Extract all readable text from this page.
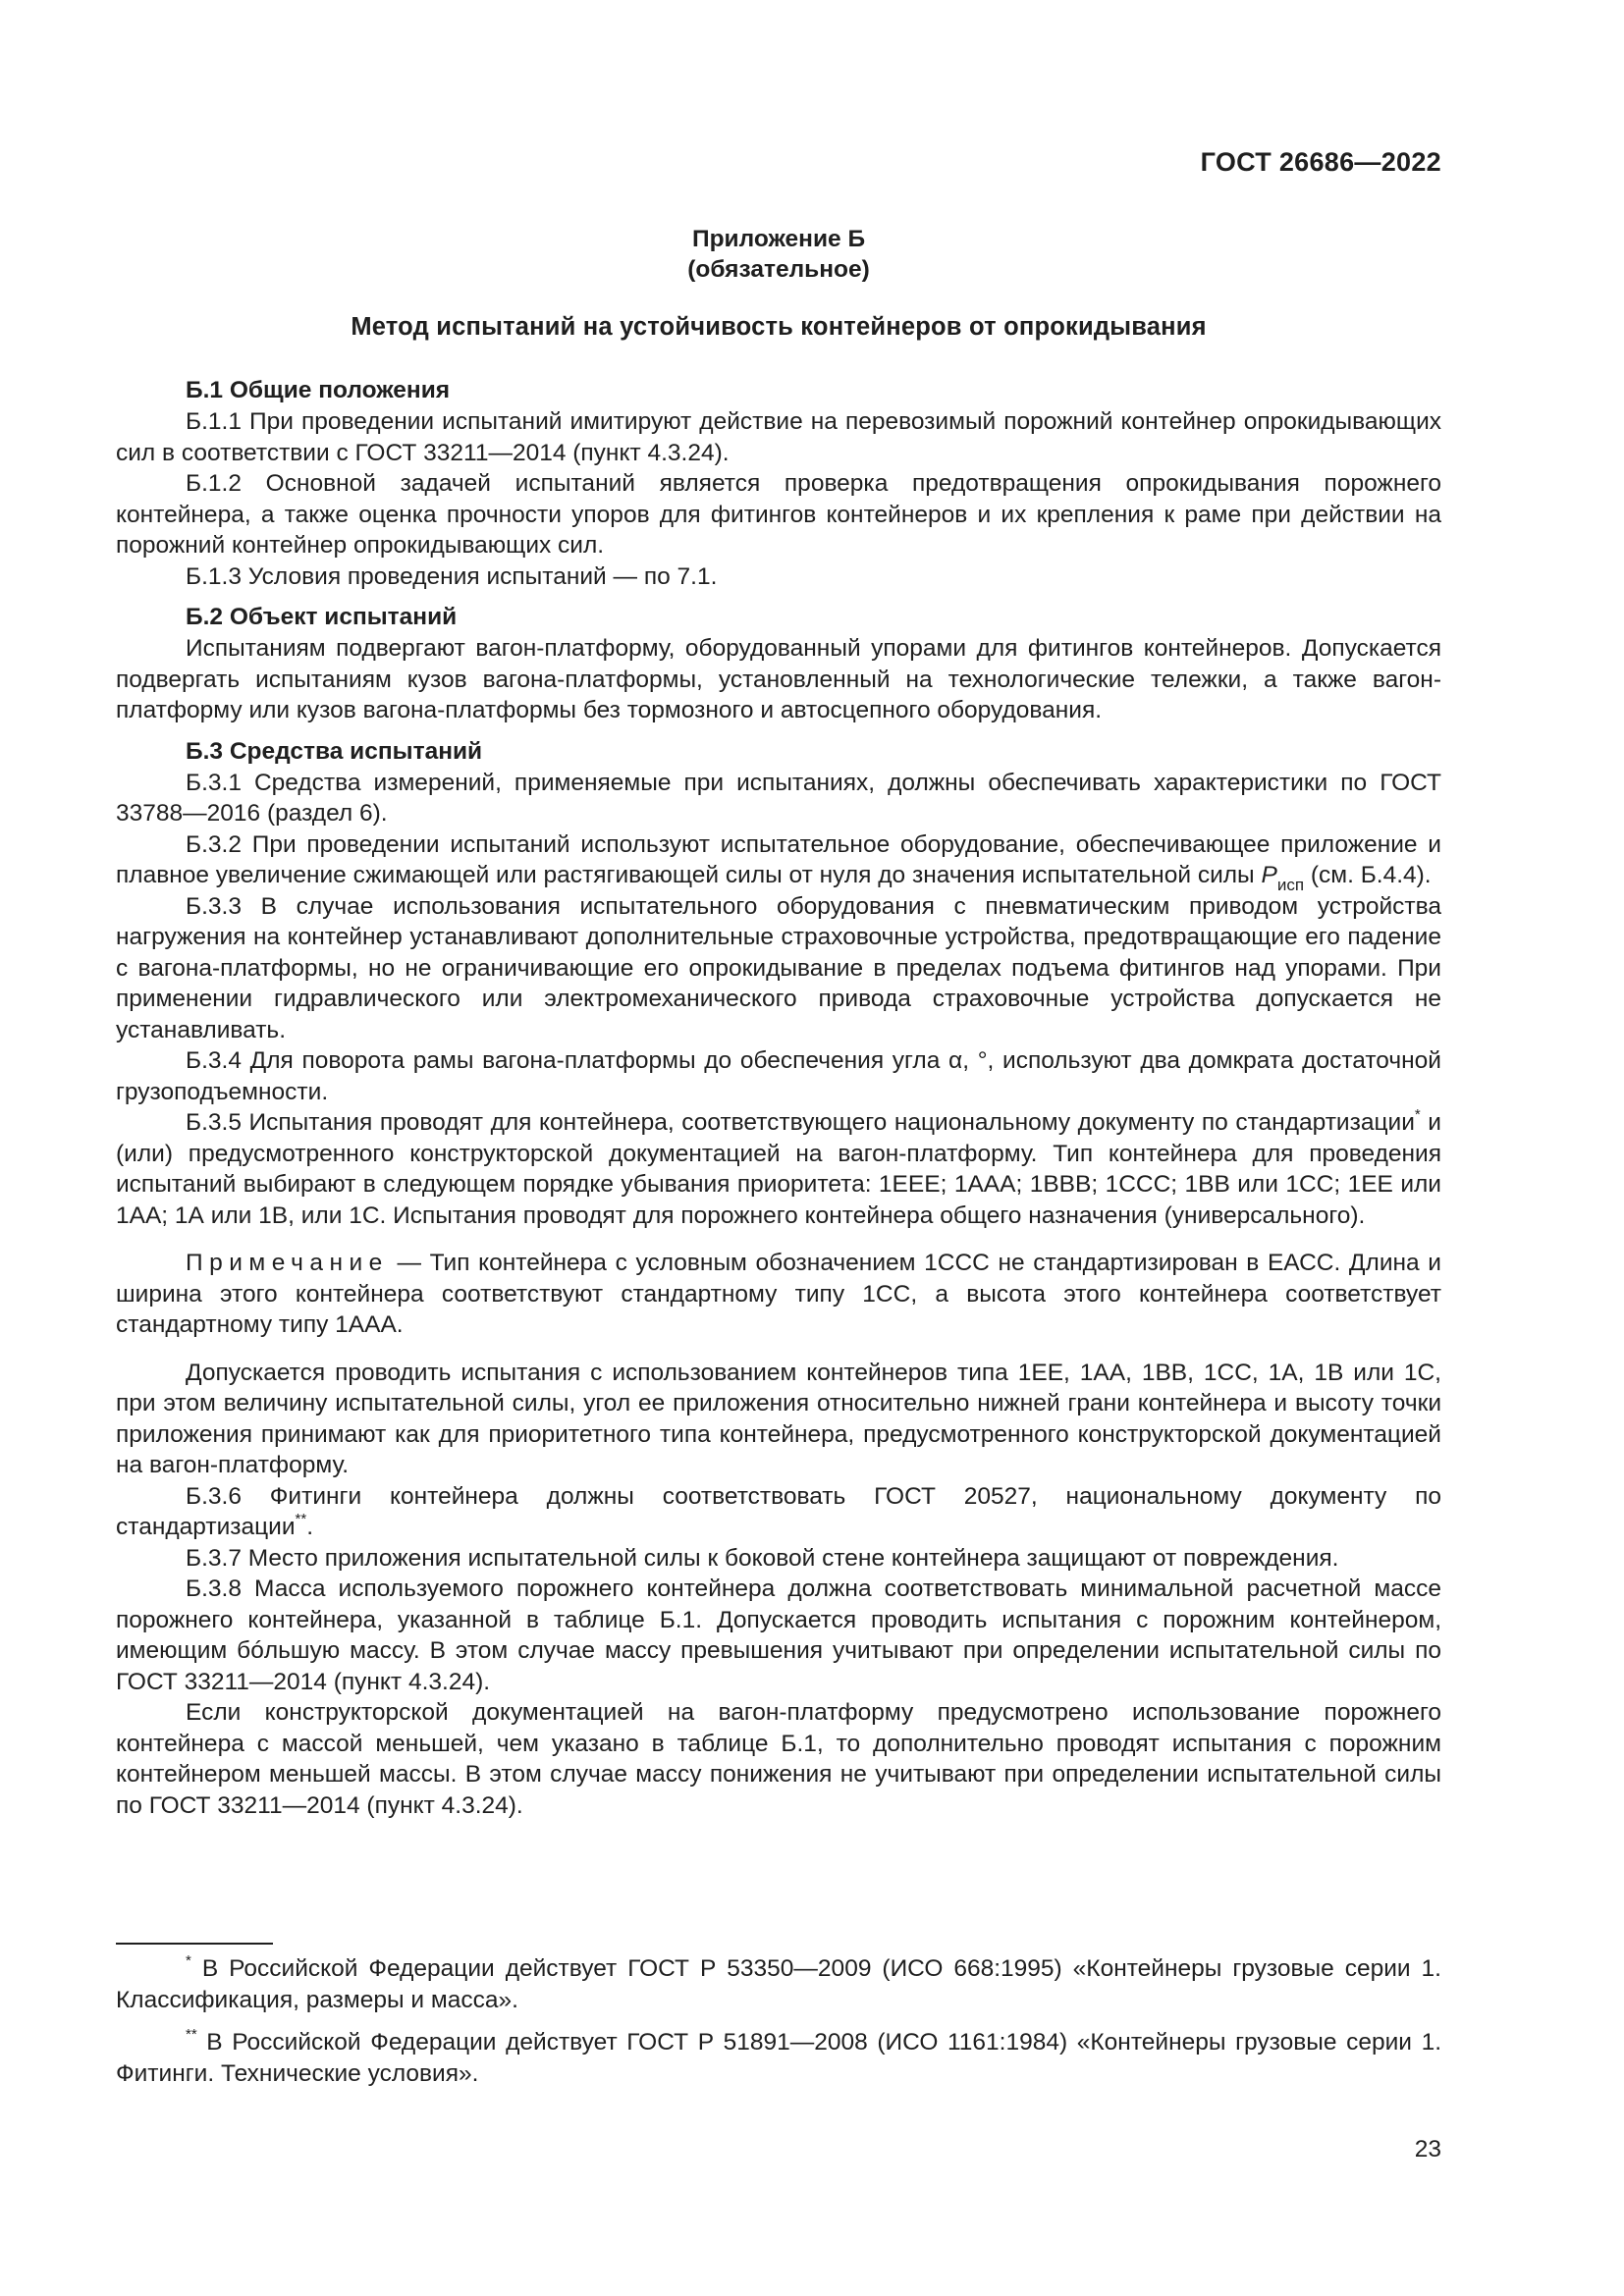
ГОСТ 26686—2022

Приложение Б

(обязательное)

Метод испытаний на устойчивость контейнеров от опрокидывания

Б.1 Общие положения

Б.1.1 При проведении испытаний имитируют действие на перевозимый порожний контейнер опрокидывающих сил в соответствии с ГОСТ 33211—2014 (пункт 4.3.24).

Б.1.2 Основной задачей испытаний является проверка предотвращения опрокидывания порожнего контейнера, а также оценка прочности упоров для фитингов контейнеров и их крепления к раме при действии на порожний контейнер опрокидывающих сил.

Б.1.3 Условия проведения испытаний — по 7.1.

Б.2 Объект испытаний

Испытаниям подвергают вагон-платформу, оборудованный упорами для фитингов контейнеров. Допускается подвергать испытаниям кузов вагона-платформы, установленный на технологические тележки, а также вагон-платформу или кузов вагона-платформы без тормозного и автосцепного оборудования.

Б.3 Средства испытаний

Б.3.1 Средства измерений, применяемые при испытаниях, должны обеспечивать характеристики по ГОСТ 33788—2016 (раздел 6).

Б.3.2 При проведении испытаний используют испытательное оборудование, обеспечивающее приложение и плавное увеличение сжимающей или растягивающей силы от нуля до значения испытательной силы $P_{исп}$ (см. Б.4.4).

Б.3.3 В случае использования испытательного оборудования с пневматическим приводом устройства нагружения на контейнер устанавливают дополнительные страховочные устройства, предотвращающие его падение с вагона-платформы, но не ограничивающие его опрокидывание в пределах подъема фитингов над упорами. При применении гидравлического или электромеханического привода страховочные устройства допускается не устанавливать.

Б.3.4 Для поворота рамы вагона-платформы до обеспечения угла α, °, используют два домкрата достаточной грузоподъемности.

Б.3.5 Испытания проводят для контейнера, соответствующего национальному документу по стандартизации* и (или) предусмотренного конструкторской документацией на вагон-платформу. Тип контейнера для проведения испытаний выбирают в следующем порядке убывания приоритета: 1ЕЕЕ; 1ААА; 1ВВВ; 1ССС; 1ВВ или 1СС; 1ЕЕ или 1АА; 1А или 1В, или 1С. Испытания проводят для порожнего контейнера общего назначения (универсального).

Примечание — Тип контейнера с условным обозначением 1ССС не стандартизирован в ЕАСС. Длина и ширина этого контейнера соответствуют стандартному типу 1СС, а высота этого контейнера соответствует стандартному типу 1ААА.

Допускается проводить испытания с использованием контейнеров типа 1ЕЕ, 1АА, 1ВВ, 1СС, 1А, 1В или 1С, при этом величину испытательной силы, угол ее приложения относительно нижней грани контейнера и высоту точки приложения принимают как для приоритетного типа контейнера, предусмотренного конструкторской документацией на вагон-платформу.

Б.3.6 Фитинги контейнера должны соответствовать ГОСТ 20527, национальному документу по стандартизации**.

Б.3.7 Место приложения испытательной силы к боковой стене контейнера защищают от повреждения.

Б.3.8 Масса используемого порожнего контейнера должна соответствовать минимальной расчетной массе порожнего контейнера, указанной в таблице Б.1. Допускается проводить испытания с порожним контейнером, имеющим бóльшую массу. В этом случае массу превышения учитывают при определении испытательной силы по ГОСТ 33211—2014 (пункт 4.3.24).

Если конструкторской документацией на вагон-платформу предусмотрено использование порожнего контейнера с массой меньшей, чем указано в таблице Б.1, то дополнительно проводят испытания с порожним контейнером меньшей массы. В этом случае массу понижения не учитывают при определении испытательной силы по ГОСТ 33211—2014 (пункт 4.3.24).

* В Российской Федерации действует ГОСТ Р 53350—2009 (ИСО 668:1995) «Контейнеры грузовые серии 1. Классификация, размеры и масса».

** В Российской Федерации действует ГОСТ Р 51891—2008 (ИСО 1161:1984) «Контейнеры грузовые серии 1. Фитинги. Технические условия».

23
